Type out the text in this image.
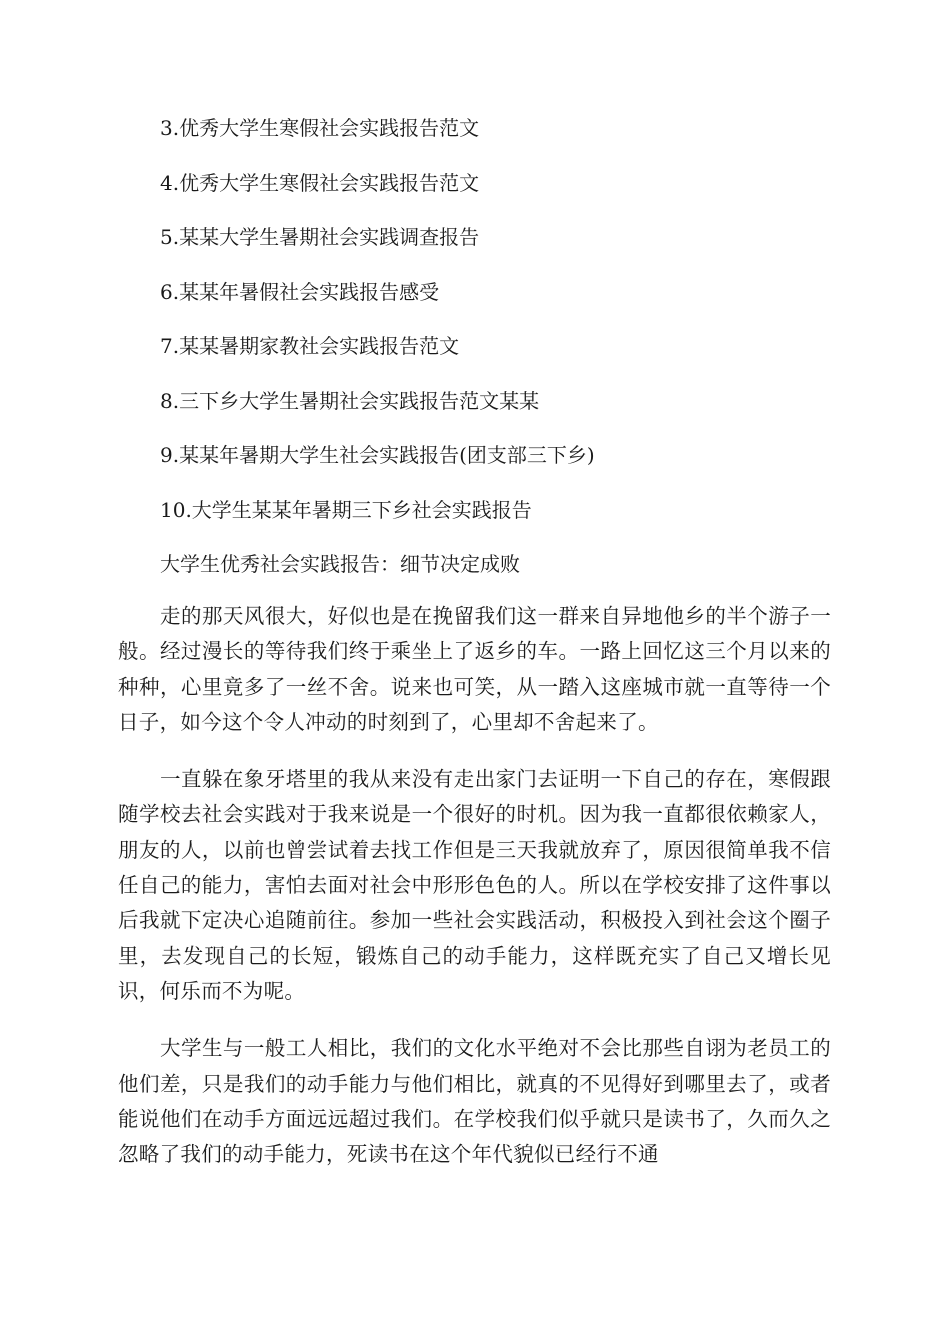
3.优秀大学生寒假社会实践报告范文
4.优秀大学生寒假社会实践报告范文
5.某某大学生暑期社会实践调查报告
6.某某年暑假社会实践报告感受
7.某某暑期家教社会实践报告范文
8.三下乡大学生暑期社会实践报告范文某某
9.某某年暑期大学生社会实践报告(团支部三下乡)
10.大学生某某年暑期三下乡社会实践报告
大学生优秀社会实践报告：细节决定成败

走的那天风很大，好似也是在挽留我们这一群来自异地他乡的半个游子一般。经过漫长的等待我们终于乘坐上了返乡的车。一路上回忆这三个月以来的种种，心里竟多了一丝不舍。说来也可笑，从一踏入这座城市就一直等待一个日子，如今这个令人冲动的时刻到了，心里却不舍起来了。

一直躲在象牙塔里的我从来没有走出家门去证明一下自己的存在，寒假跟随学校去社会实践对于我来说是一个很好的时机。因为我一直都很依赖家人，朋友的人，以前也曾尝试着去找工作但是三天我就放弃了，原因很简单我不信任自己的能力，害怕去面对社会中形形色色的人。所以在学校安排了这件事以后我就下定决心追随前往。参加一些社会实践活动，积极投入到社会这个圈子里，去发现自己的长短，锻炼自己的动手能力，这样既充实了自己又增长见识，何乐而不为呢。

大学生与一般工人相比，我们的文化水平绝对不会比那些自诩为老员工的他们差，只是我们的动手能力与他们相比，就真的不见得好到哪里去了，或者能说他们在动手方面远远超过我们。在学校我们似乎就只是读书了，久而久之忽略了我们的动手能力，死读书在这个年代貌似已经行不通
